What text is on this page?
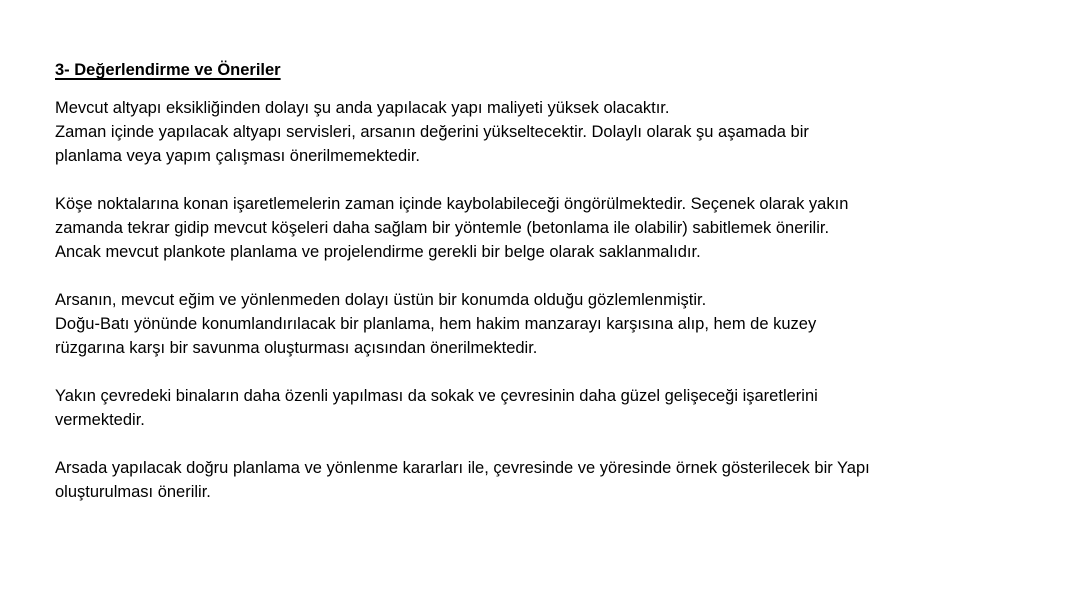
3- Değerlendirme ve Öneriler
Mevcut altyapı eksikliğinden dolayı şu anda yapılacak yapı maliyeti yüksek olacaktır.
Zaman içinde yapılacak altyapı servisleri, arsanın değerini yükseltecektir. Dolaylı olarak şu aşamada bir
planlama veya yapım çalışması önerilmemektedir.
Köşe noktalarına konan işaretlemelerin zaman içinde kaybolabileceği öngörülmektedir. Seçenek olarak yakın
zamanda tekrar gidip mevcut köşeleri daha sağlam bir yöntemle (betonlama ile olabilir) sabitlemek önerilir.
Ancak mevcut plankote planlama ve projelendirme gerekli bir belge olarak saklanmalıdır.
Arsanın, mevcut eğim ve yönlenmeden dolayı üstün bir konumda olduğu gözlemlenmiştir.
Doğu-Batı yönünde konumlandırılacak bir planlama, hem hakim manzarayı karşısına alıp, hem de kuzey
rüzgarına karşı bir savunma oluşturması açısından önerilmektedir.
Yakın çevredeki binaların daha özenli yapılması da sokak ve çevresinin daha güzel gelişeceği işaretlerini
vermektedir.
Arsada yapılacak doğru planlama ve yönlenme kararları ile, çevresinde ve yöresinde örnek gösterilecek bir Yapı
oluşturulması önerilir.
